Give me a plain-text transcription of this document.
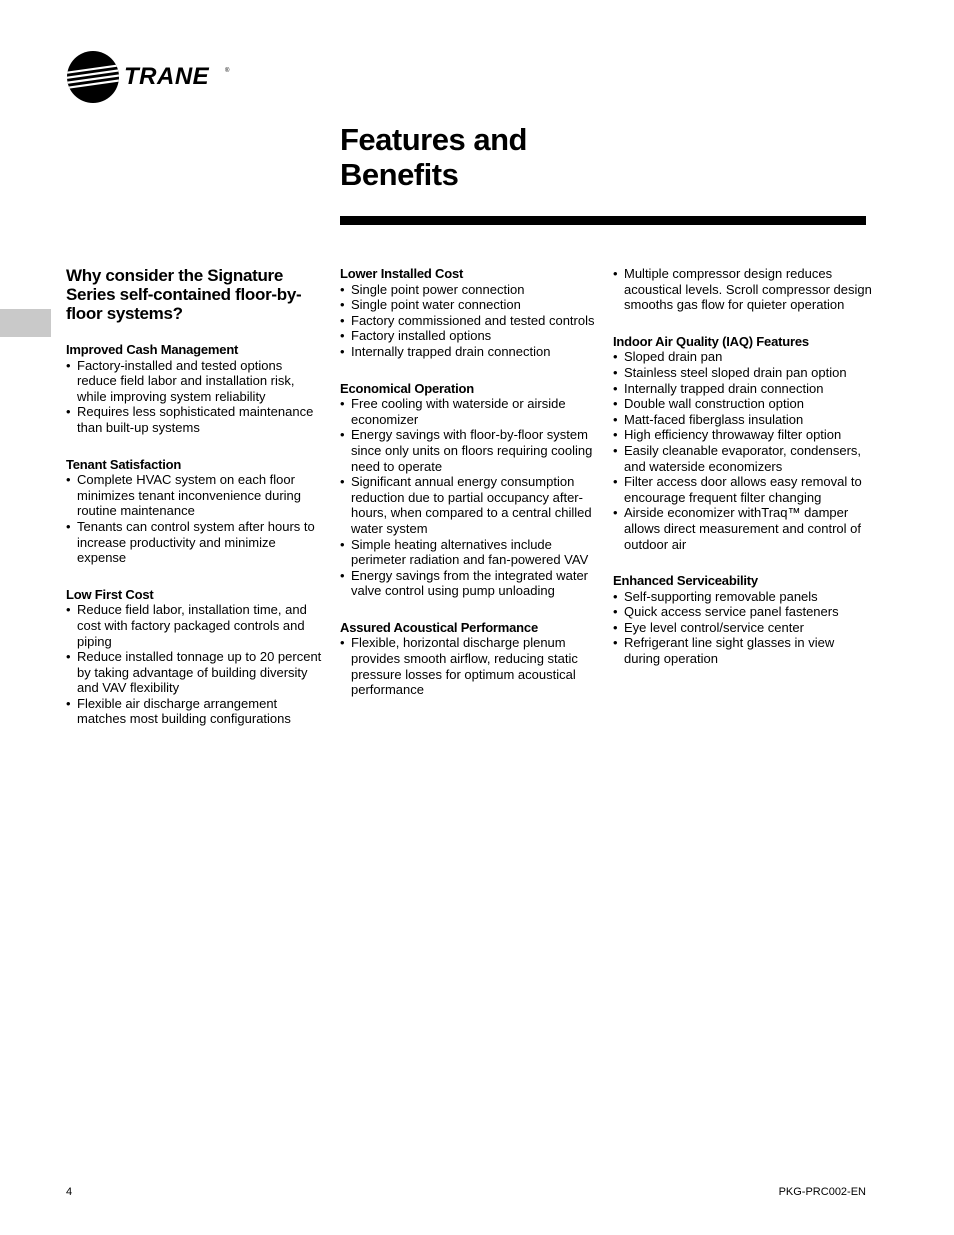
TRANE	®
Features and
Benefits
Why consider the Signature Series self-contained floor-by-floor systems?
Improved Cash Management
• Factory-installed and tested options reduce field labor and installation risk, while improving system reliability
• Requires less sophisticated maintenance than built-up systems
Tenant Satisfaction
• Complete HVAC system on each floor minimizes tenant inconvenience during routine maintenance
• Tenants can control system after hours to increase productivity and minimize expense
Low First Cost
• Reduce field labor, installation time, and cost with factory packaged controls and piping
• Reduce installed tonnage up to 20 percent by taking advantage of building diversity and VAV flexibility
• Flexible air discharge arrangement matches most building configurations
Lower Installed Cost
• Single point power connection
• Single point water connection
• Factory commissioned and tested controls
• Factory installed options
• Internally trapped drain connection
Economical Operation
• Free cooling with waterside or airside economizer
• Energy savings with floor-by-floor system since only units on floors requiring cooling need to operate
• Significant annual energy consumption reduction due to partial occupancy after-hours, when compared to a central chilled water system
• Simple heating alternatives include perimeter radiation and fan-powered VAV
• Energy savings from the integrated water valve control using pump unloading
Assured Acoustical Performance
• Flexible, horizontal discharge plenum provides smooth airflow, reducing static pressure losses for optimum acoustical performance
• Multiple compressor design reduces acoustical levels. Scroll compressor design smooths gas flow for quieter operation
Indoor Air Quality (IAQ) Features
• Sloped drain pan
• Stainless steel sloped drain pan option
• Internally trapped drain connection
• Double wall construction option
• Matt-faced fiberglass insulation
• High efficiency throwaway filter option
• Easily cleanable evaporator, condensers, and waterside economizers
• Filter access door allows easy removal to encourage frequent filter changing
• Airside economizer withTraq™ damper allows direct measurement and control of outdoor air
Enhanced Serviceability
• Self-supporting removable panels
• Quick access service panel fasteners
• Eye level control/service center
• Refrigerant line sight glasses in view during operation
4	PKG-PRC002-EN
